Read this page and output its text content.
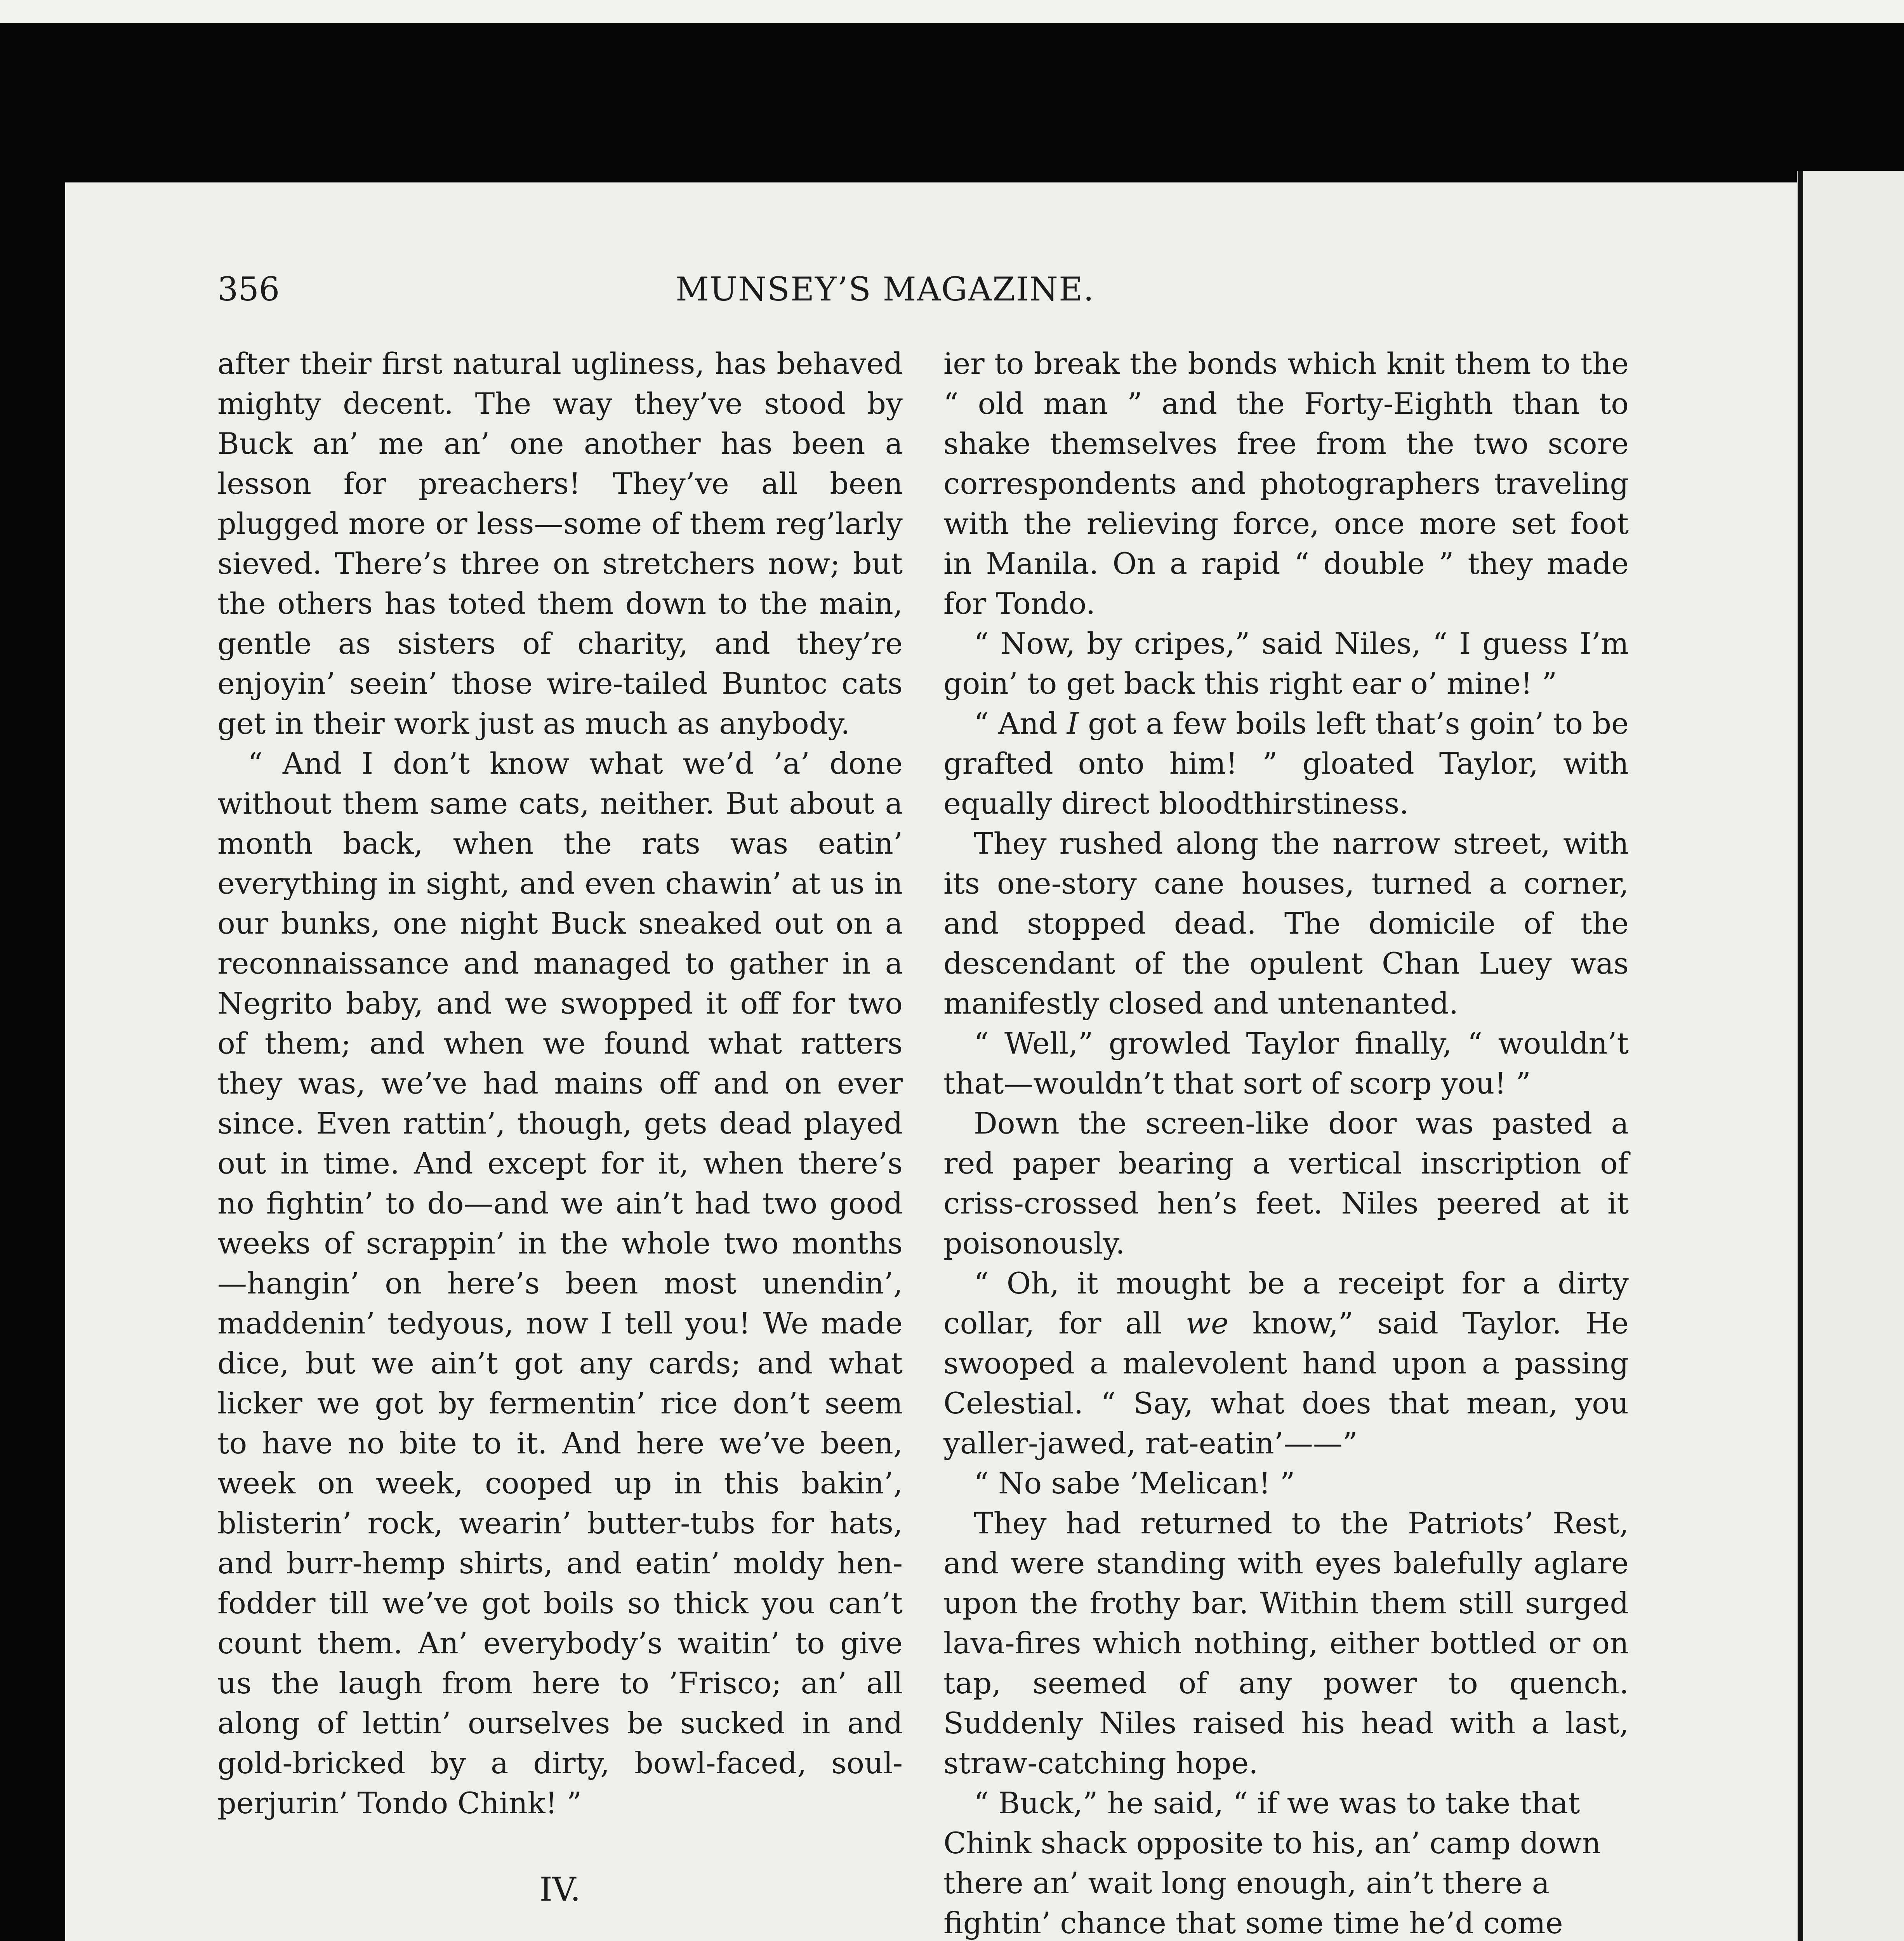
356	MUNSEY’S MAGAZINE.

after their first natural ugliness, has behaved mighty decent. The way they’ve stood by Buck an’ me an’ one another has been a lesson for preachers! They’ve all been plugged more or less—some of them reg’larly sieved. There’s three on stretchers now; but the others has toted them down to the main, gentle as sisters of charity, and they’re enjoyin’ seein’ those wire-tailed Buntoc cats get in their work just as much as anybody.

“ And I don’t know what we’d ’a’ done without them same cats, neither. But about a month back, when the rats was eatin’ everything in sight, and even chawin’ at us in our bunks, one night Buck sneaked out on a reconnaissance and managed to gather in a Negrito baby, and we swopped it off for two of them; and when we found what ratters they was, we’ve had mains off and on ever since. Even rattin’, though, gets dead played out in time. And except for it, when there’s no fightin’ to do—and we ain’t had two good weeks of scrappin’ in the whole two months—hangin’ on here’s been most unendin’, maddenin’ tedyous, now I tell you! We made dice, but we ain’t got any cards; and what licker we got by fermentin’ rice don’t seem to have no bite to it. And here we’ve been, week on week, cooped up in this bakin’, blisterin’ rock, wearin’ butter-tubs for hats, and burr-hemp shirts, and eatin’ moldy hen-fodder till we’ve got boils so thick you can’t count them. An’ everybody’s waitin’ to give us the laugh from here to ’Frisco; an’ all along of lettin’ ourselves be sucked in and gold-bricked by a dirty, bowl-faced, soul-perjurin’ Tondo Chink! ”

IV.

ier to break the bonds which knit them to the “ old man ” and the Forty-Eighth than to shake themselves free from the two score correspondents and photographers traveling with the relieving force, once more set foot in Manila. On a rapid “ double ” they made for Tondo.

“ Now, by cripes,” said Niles, “ I guess I’m goin’ to get back this right ear o’ mine! ”

“ And I got a few boils left that’s goin’ to be grafted onto him! ” gloated Taylor, with equally direct bloodthirstiness.

They rushed along the narrow street, with its one-story cane houses, turned a corner, and stopped dead. The domicile of the descendant of the opulent Chan Luey was manifestly closed and untenanted.

“ Well,” growled Taylor finally, “ wouldn’t that—wouldn’t that sort of scorp you! ”

Down the screen-like door was pasted a red paper bearing a vertical inscription of criss-crossed hen’s feet. Niles peered at it poisonously.

“ Oh, it mought be a receipt for a dirty collar, for all we know,” said Taylor. He swooped a malevolent hand upon a passing Celestial. “ Say, what does that mean, you yaller-jawed, rat-eatin’——”

“ No sabe ’Melican! ”

They had returned to the Patriots’ Rest, and were standing with eyes balefully aglare upon the frothy bar. Within them still surged lava-fires which nothing, either bottled or on tap, seemed of any power to quench. Suddenly Niles raised his head with a last, straw-catching hope.

“ Buck,” he said, “ if we was to take that Chink shack opposite to his, an’ camp down there an’ wait long enough, ain’t there a fightin’ chance that some time he’d come
